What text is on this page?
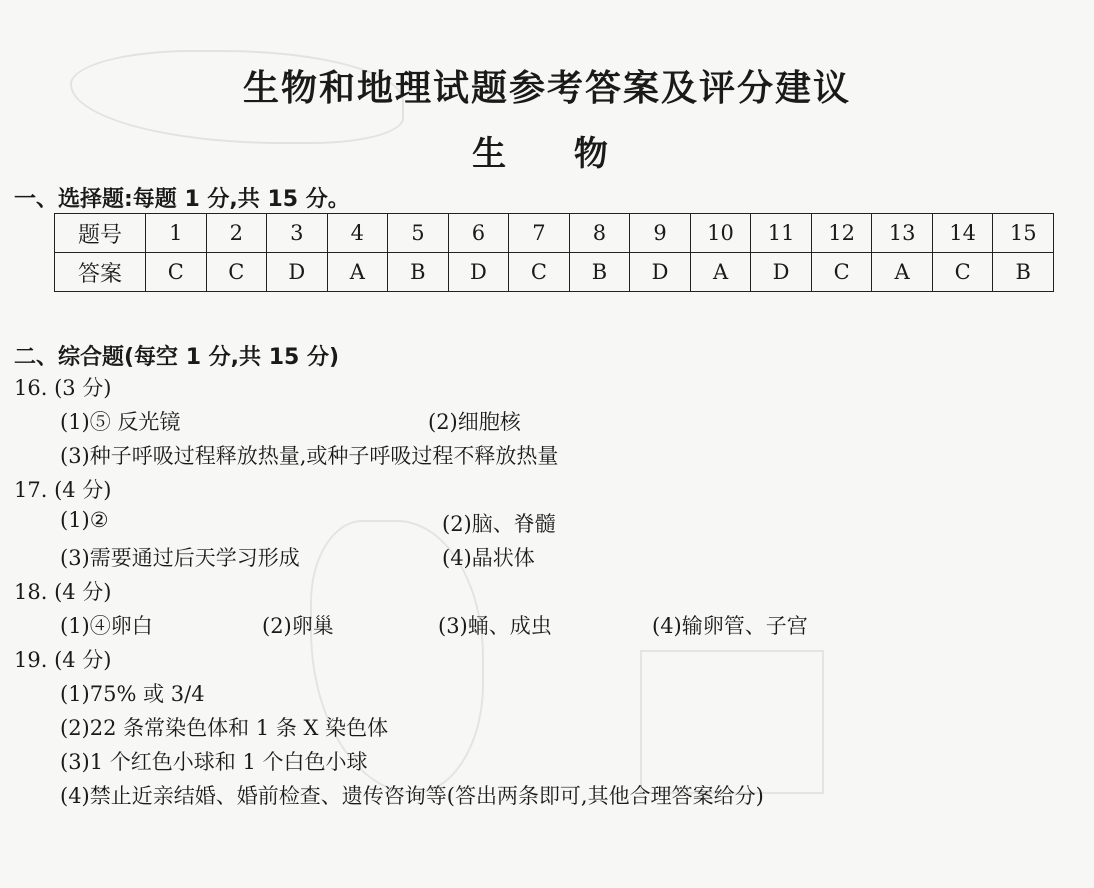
生物和地理试题参考答案及评分建议
生 物
一、选择题:每题 1 分,共 15 分。
题号	1	2	3	4	5	6	7	8	9	10	11	12	13	14	15
答案	C	C	D	A	B	D	C	B	D	A	D	C	A	C	B
二、综合题(每空 1 分,共 15 分)
16. (3 分)
(1)⑤ 反光镜	(2)细胞核
(3)种子呼吸过程释放热量,或种子呼吸过程不释放热量
17. (4 分)
(1)②	(2)脑、脊髓
(3)需要通过后天学习形成	(4)晶状体
18. (4 分)
(1)④卵白	(2)卵巢	(3)蛹、成虫	(4)输卵管、子宫
19. (4 分)
(1)75% 或 3/4
(2)22 条常染色体和 1 条 X 染色体
(3)1 个红色小球和 1 个白色小球
(4)禁止近亲结婚、婚前检查、遗传咨询等(答出两条即可,其他合理答案给分)
